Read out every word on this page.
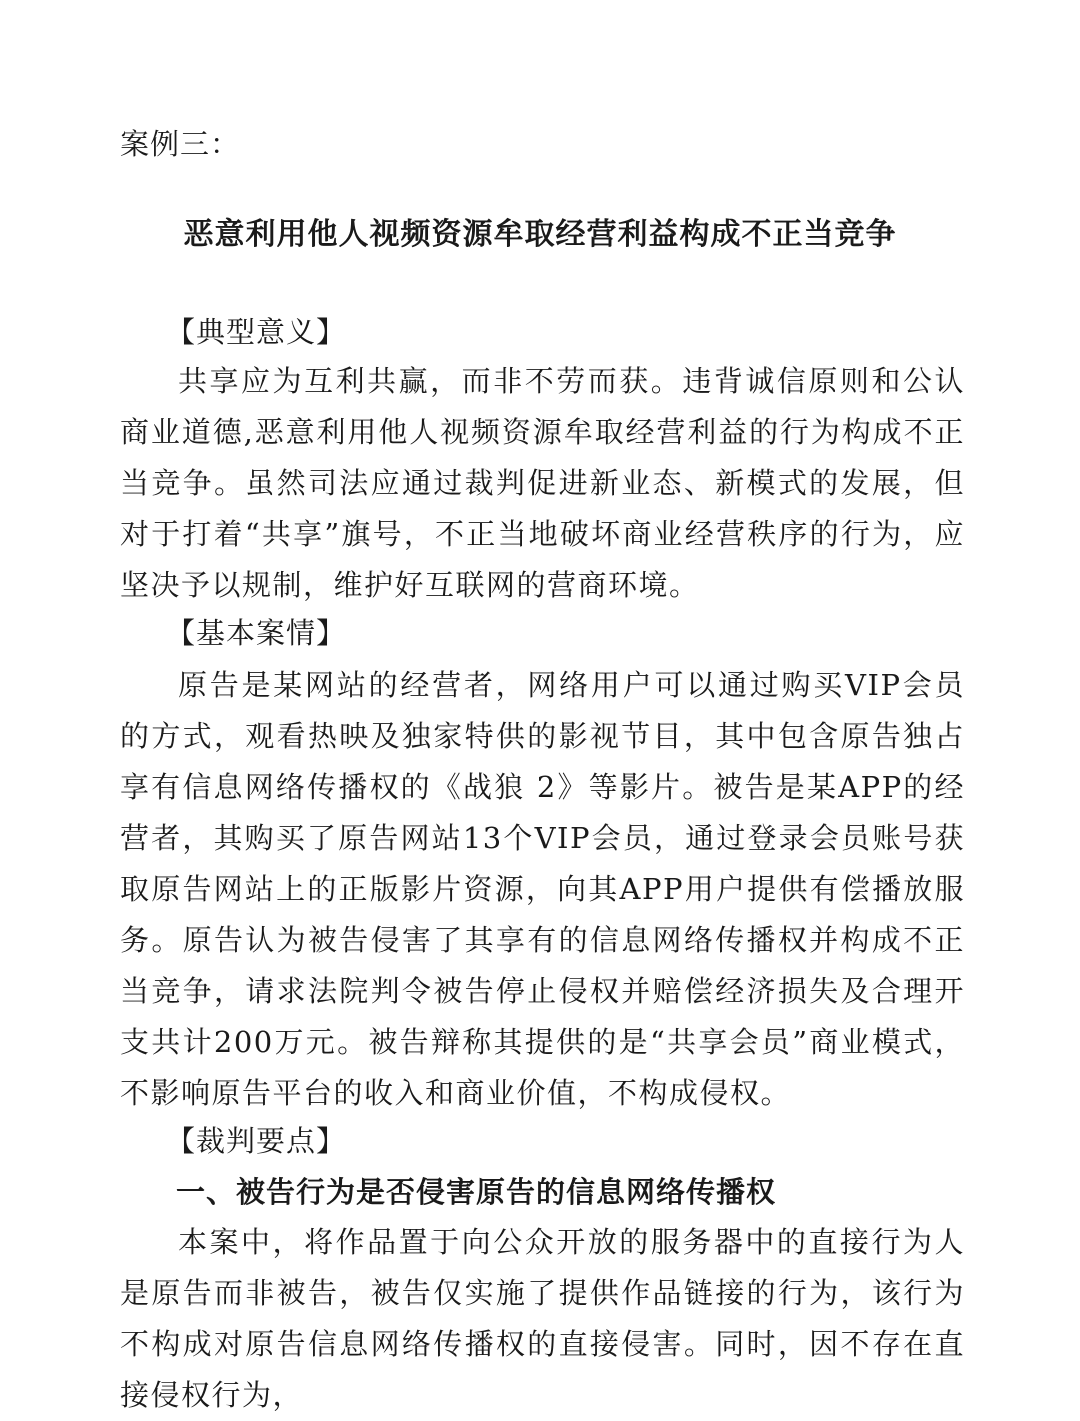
案例三：
恶意利用他人视频资源牟取经营利益构成不正当竞争
【典型意义】

共享应为互利共赢，而非不劳而获。违背诚信原则和公认商业道德,恶意利用他人视频资源牟取经营利益的行为构成不正当竞争。虽然司法应通过裁判促进新业态、新模式的发展，但对于打着“共享”旗号，不正当地破坏商业经营秩序的行为，应坚决予以规制，维护好互联网的营商环境。

【基本案情】

原告是某网站的经营者，网络用户可以通过购买VIP会员的方式，观看热映及独家特供的影视节目，其中包含原告独占享有信息网络传播权的《战狼 2》等影片。被告是某APP的经营者，其购买了原告网站13个VIP会员，通过登录会员账号获取原告网站上的正版影片资源，向其APP用户提供有偿播放服务。原告认为被告侵害了其享有的信息网络传播权并构成不正当竞争，请求法院判令被告停止侵权并赔偿经济损失及合理开支共计200万元。被告辩称其提供的是“共享会员”商业模式，不影响原告平台的收入和商业价值，不构成侵权。

【裁判要点】
一、被告行为是否侵害原告的信息网络传播权

本案中，将作品置于向公众开放的服务器中的直接行为人是原告而非被告，被告仅实施了提供作品链接的行为，该行为不构成对原告信息网络传播权的直接侵害。同时，因不存在直接侵权行为，
